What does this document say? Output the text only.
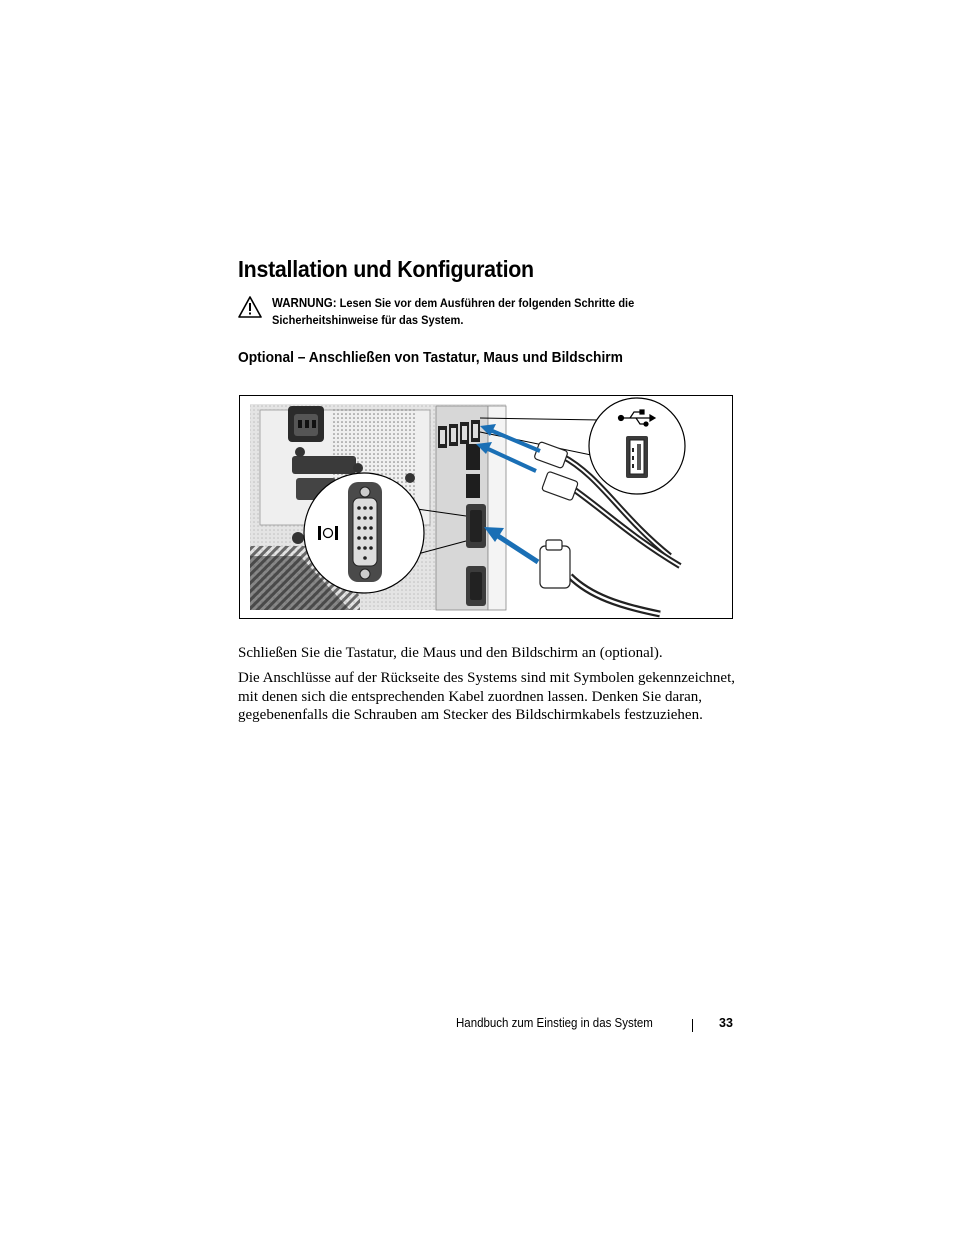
Installation und Konfiguration
WARNUNG: Lesen Sie vor dem Ausführen der folgenden Schritte die Sicherheitshinweise für das System.
Optional – Anschließen von Tastatur, Maus und Bildschirm

Schließen Sie die Tastatur, die Maus und den Bildschirm an (optional).

Die Anschlüsse auf der Rückseite des Systems sind mit Symbolen gekennzeichnet, mit denen sich die entsprechenden Kabel zuordnen lassen. Denken Sie daran, gegebenenfalls die Schrauben am Stecker des Bildschirmkabels festzuziehen.

Handbuch zum Einstieg in das System	33
